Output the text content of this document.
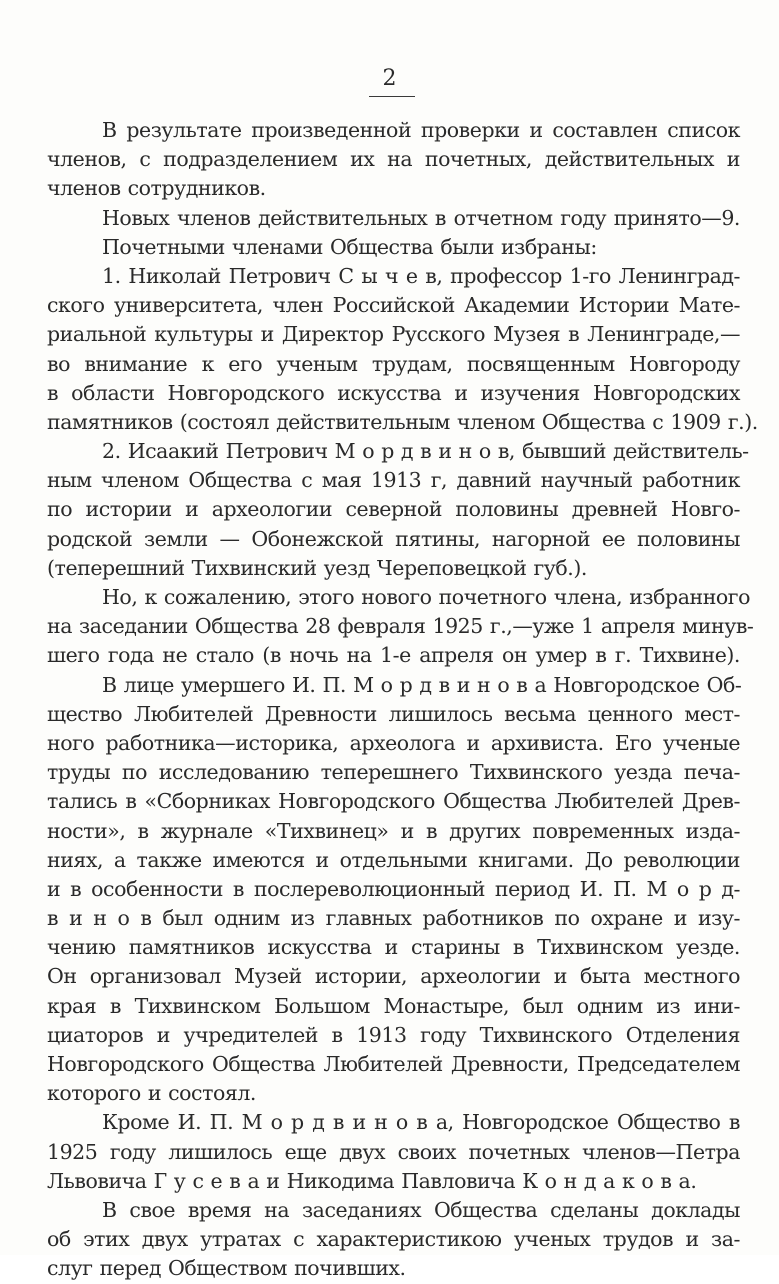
2
В результате произведенной проверки и составлен список
членов, с подразделением их на почетных, действительных и
членов сотрудников.
Новых членов действительных в отчетном году принято—9.
Почетными членами Общества были избраны:
1. Николай Петрович С ы ч е в, профессор 1-го Ленинград-
ского университета, член Российской Академии Истории Мате-
риальной культуры и Директор Русского Музея в Ленинграде,—
во внимание к его ученым трудам, посвященным Новгороду
в области Новгородского искусства и изучения Новгородских
памятников (состоял действительным членом Общества с 1909 г.).
2. Исаакий Петрович М о р д в и н о в, бывший действитель-
ным членом Общества с мая 1913 г, давний научный работник
по истории и археологии северной половины древней Новго-
родской земли — Обонежской пятины, нагорной ее половины
(теперешний Тихвинский уезд Череповецкой губ.).
Но, к сожалению, этого нового почетного члена, избранного
на заседании Общества 28 февраля 1925 г.,—уже 1 апреля минув-
шего года не стало (в ночь на 1-е апреля он умер в г. Тихвине).
В лице умершего И. П. М о р д в и н о в а Новгородское Об-
щество Любителей Древности лишилось весьма ценного мест-
ного работника—историка, археолога и архивиста. Его ученые
труды по исследованию теперешнего Тихвинского уезда печа-
тались в «Сборниках Новгородского Общества Любителей Древ-
ности», в журнале «Тихвинец» и в других повременных изда-
ниях, а также имеются и отдельными книгами. До революции
и в особенности в послереволюционный период И. П. М о р д-
в и н о в был одним из главных работников по охране и изу-
чению памятников искусства и старины в Тихвинском уезде.
Он организовал Музей истории, археологии и быта местного
края в Тихвинском Большом Монастыре, был одним из ини-
циаторов и учредителей в 1913 году Тихвинского Отделения
Новгородского Общества Любителей Древности, Председателем
которого и состоял.
Кроме И. П. М о р д в и н о в а, Новгородское Общество в
1925 году лишилось еще двух своих почетных членов—Петра
Львовича Г у с е в а и Никодима Павловича К о н д а к о в а.
В свое время на заседаниях Общества сделаны доклады
об этих двух утратах с характеристикою ученых трудов и за-
слуг перед Обществом почивших.
